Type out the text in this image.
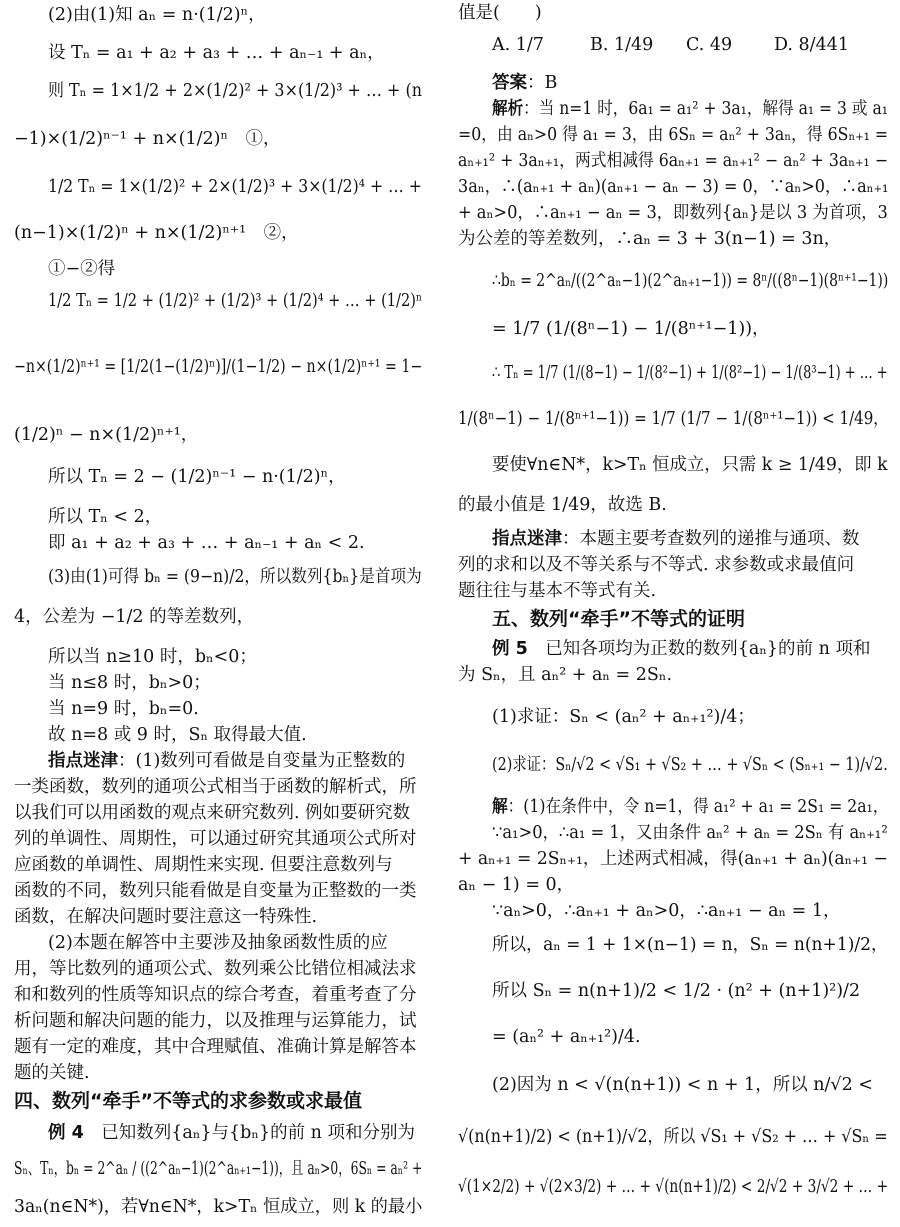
(2)由(1)知 aₙ = n·(1/2)ⁿ，
设 Tₙ = a₁ + a₂ + a₃ + … + aₙ₋₁ + aₙ，
则 Tₙ = 1×1/2 + 2×(1/2)² + 3×(1/2)³ + … + (n
−1)×(1/2)ⁿ⁻¹ + n×(1/2)ⁿ　①，
1/2 Tₙ = 1×(1/2)² + 2×(1/2)³ + 3×(1/2)⁴ + … +
(n−1)×(1/2)ⁿ + n×(1/2)ⁿ⁺¹　②，
①−②得
1/2 Tₙ = 1/2 + (1/2)² + (1/2)³ + (1/2)⁴ + … + (1/2)ⁿ
−n×(1/2)ⁿ⁺¹ = [1/2(1−(1/2)ⁿ)]/(1−1/2) − n×(1/2)ⁿ⁺¹ = 1−
(1/2)ⁿ − n×(1/2)ⁿ⁺¹，
所以 Tₙ = 2 − (1/2)ⁿ⁻¹ − n·(1/2)ⁿ，
所以 Tₙ < 2，
即 a₁ + a₂ + a₃ + … + aₙ₋₁ + aₙ < 2.
(3)由(1)可得 bₙ = (9−n)/2，所以数列{bₙ}是首项为
4，公差为 −1/2 的等差数列，
所以当 n≥10 时，bₙ<0；
当 n≤8 时，bₙ>0；
当 n=9 时，bₙ=0.
故 n=8 或 9 时，Sₙ 取得最大值.
指点迷津：(1)数列可看做是自变量为正整数的
一类函数，数列的通项公式相当于函数的解析式，所
以我们可以用函数的观点来研究数列. 例如要研究数
列的单调性、周期性，可以通过研究其通项公式所对
应函数的单调性、周期性来实现. 但要注意数列与
函数的不同，数列只能看做是自变量为正整数的一类
函数，在解决问题时要注意这一特殊性.
(2)本题在解答中主要涉及抽象函数性质的应
用，等比数列的通项公式、数列乘公比错位相减法求
和和数列的性质等知识点的综合考查，着重考查了分
析问题和解决问题的能力，以及推理与运算能力，试
题有一定的难度，其中合理赋值、准确计算是解答本
题的关键.
四、数列“牵手”不等式的求参数或求最值
例 4　 已知数列{aₙ}与{bₙ}的前 n 项和分别为
Sₙ、Tₙ，bₙ = 2^aₙ / ((2^aₙ−1)(2^aₙ₊₁−1))，且 aₙ>0，6Sₙ = aₙ² +
3aₙ(n∈N*)，若∀n∈N*，k>Tₙ 恒成立，则 k 的最小
值是(　　)
A. 1/7	B. 1/49 C. 49 D. 8/441
答案：B
解析：当 n=1 时，6a₁ = a₁² + 3a₁，解得 a₁ = 3 或 a₁
=0，由 aₙ>0 得 a₁ = 3，由 6Sₙ = aₙ² + 3aₙ，得 6Sₙ₊₁ =
aₙ₊₁² + 3aₙ₊₁，两式相减得 6aₙ₊₁ = aₙ₊₁² − aₙ² + 3aₙ₊₁ −
3aₙ，∴(aₙ₊₁ + aₙ)(aₙ₊₁ − aₙ − 3) = 0，∵aₙ>0，∴aₙ₊₁
+ aₙ>0，∴aₙ₊₁ − aₙ = 3，即数列{aₙ}是以 3 为首项，3
为公差的等差数列，∴aₙ = 3 + 3(n−1) = 3n，
∴bₙ = 2^aₙ/((2^aₙ−1)(2^aₙ₊₁−1)) = 8ⁿ/((8ⁿ−1)(8ⁿ⁺¹−1))
= 1/7 (1/(8ⁿ−1) − 1/(8ⁿ⁺¹−1))，
∴ Tₙ = 1/7 (1/(8−1) − 1/(8²−1) + 1/(8²−1) − 1/(8³−1) + … +
1/(8ⁿ−1) − 1/(8ⁿ⁺¹−1)) = 1/7 (1/7 − 1/(8ⁿ⁺¹−1)) < 1/49，
要使∀n∈N*，k>Tₙ 恒成立，只需 k ≥ 1/49，即 k
的最小值是 1/49，故选 B.
指点迷津：本题主要考查数列的递推与通项、数
列的求和以及不等关系与不等式. 求参数或求最值问
题往往与基本不等式有关.
五、数列“牵手”不等式的证明
例 5　 已知各项均为正数的数列{aₙ}的前 n 项和
为 Sₙ，且 aₙ² + aₙ = 2Sₙ.
(1)求证：Sₙ < (aₙ² + aₙ₊₁²)/4；
(2)求证：Sₙ/√2 < √S₁ + √S₂ + … + √Sₙ < (Sₙ₊₁ − 1)/√2.
解：(1)在条件中，令 n=1，得 a₁² + a₁ = 2S₁ = 2a₁，
∵a₁>0，∴a₁ = 1，又由条件 aₙ² + aₙ = 2Sₙ 有 aₙ₊₁²
+ aₙ₊₁ = 2Sₙ₊₁，上述两式相减，得(aₙ₊₁ + aₙ)(aₙ₊₁ −
aₙ − 1) = 0，
∵aₙ>0，∴aₙ₊₁ + aₙ>0，∴aₙ₊₁ − aₙ = 1，
所以，aₙ = 1 + 1×(n−1) = n，Sₙ = n(n+1)/2，
所以 Sₙ = n(n+1)/2 < 1/2 · (n² + (n+1)²)/2
= (aₙ² + aₙ₊₁²)/4.
(2)因为 n < √(n(n+1)) < n + 1，所以 n/√2 <
√(n(n+1)/2) < (n+1)/√2，所以 √S₁ + √S₂ + … + √Sₙ =
√(1×2/2) + √(2×3/2) + … + √(n(n+1)/2) < 2/√2 + 3/√2 + … +
